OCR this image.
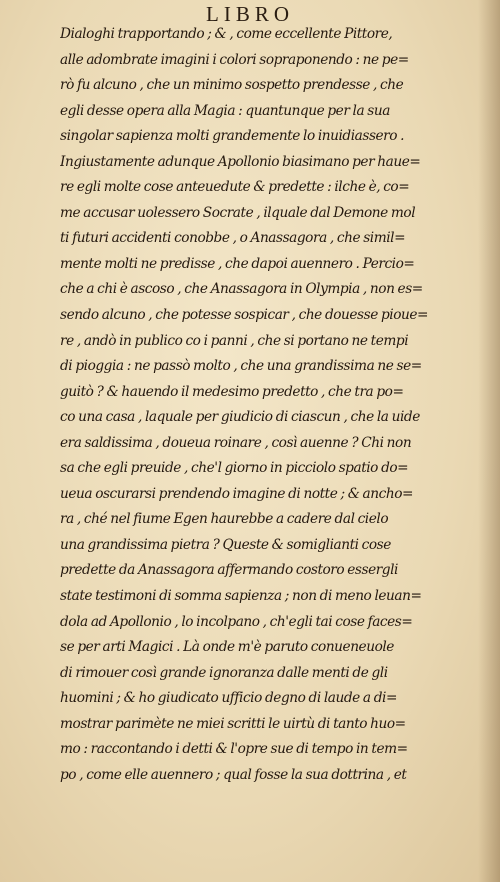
LIBRO
Dialoghi trapportando ; & , come eccellente Pittore,
alle adombrate imagini i colori sopraponendo : ne pe=
rò fu alcuno , che un minimo sospetto prendesse , che
egli desse opera alla Magia : quantunque per la sua
singolar sapienza molti grandemente lo inuidiassero .
Ingiustamente adunque Apollonio biasimano per haue=
re egli molte cose anteuedute & predette : ilche è, co=
me accusar uolessero Socrate , ilquale dal Demone mol
ti futuri accidenti conobbe , o Anassagora , che simil=
mente molti ne predisse , che dapoi auennero . Percio=
che a chi è ascoso , che Anassagora in Olympia , non es=
sendo alcuno , che potesse sospicar , che douesse pioue=
re , andò in publico co i panni , che si portano ne tempi
di pioggia : ne passò molto , che una grandissima ne se=
guitò ? & hauendo il medesimo predetto , che tra po=
co una casa , laquale per giudicio di ciascun , che la uide
era saldissima , doueua roinare , così auenne ? Chi non
sa che egli preuide , che'l giorno in picciolo spatio do=
ueua oscurarsi prendendo imagine di notte ; & ancho=
ra , ché nel fiume Egen haurebbe a cadere dal cielo
una grandissima pietra ? Queste & somiglianti cose
predette da Anassagora affermando costoro essergli
state testimoni di somma sapienza ; non di meno leuan=
dola ad Apollonio , lo incolpano , ch'egli tai cose faces=
se per arti Magici . Là onde m'è paruto conueneuole
di rimouer così grande ignoranza dalle menti de gli
huomini ; & ho giudicato ufficio degno di laude a di=
mostrar parimète ne miei scritti le uirtù di tanto huo=
mo : raccontando i detti & l'opre sue di tempo in tem=
po , come elle auennero ; qual fosse la sua dottrina , et
